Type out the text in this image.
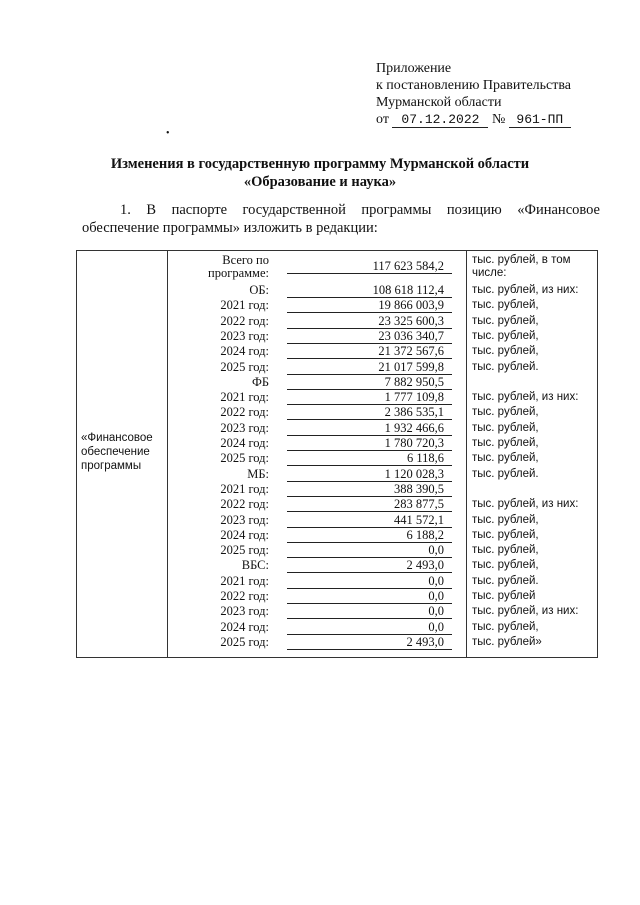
Приложение
к постановлению Правительства
Мурманской области
от 07.12.2022 № 961-ПП
•
Изменения в государственную программу Мурманской области
«Образование и наука»
1. В паспорте государственной программы позицию «Финансовое обеспечение программы» изложить в редакции:
«Финансовое обеспечение программы
Всего по программе:	117 623 584,2	тыс. рублей, в том числе:
ОБ:	108 618 112,4	тыс. рублей, из них:
2021 год:	19 866 003,9	тыс. рублей,
2022 год:	23 325 600,3	тыс. рублей,
2023 год:	23 036 340,7	тыс. рублей,
2024 год:	21 372 567,6	тыс. рублей,
2025 год:	21 017 599,8	тыс. рублей.
ФБ	7 882 950,5
2021 год:	1 777 109,8	тыс. рублей, из них:
2022 год:	2 386 535,1	тыс. рублей,
2023 год:	1 932 466,6	тыс. рублей,
2024 год:	1 780 720,3	тыс. рублей,
2025 год:	6 118,6	тыс. рублей,
МБ:	1 120 028,3	тыс. рублей.
2021 год:	388 390,5
2022 год:	283 877,5	тыс. рублей, из них:
2023 год:	441 572,1	тыс. рублей,
2024 год:	6 188,2	тыс. рублей,
2025 год:	0,0	тыс. рублей,
ВБС:	2 493,0	тыс. рублей,
2021 год:	0,0	тыс. рублей.
2022 год:	0,0	тыс. рублей
2023 год:	0,0	тыс. рублей, из них:
2024 год:	0,0	тыс. рублей,
2025 год:	2 493,0	тыс. рублей»
